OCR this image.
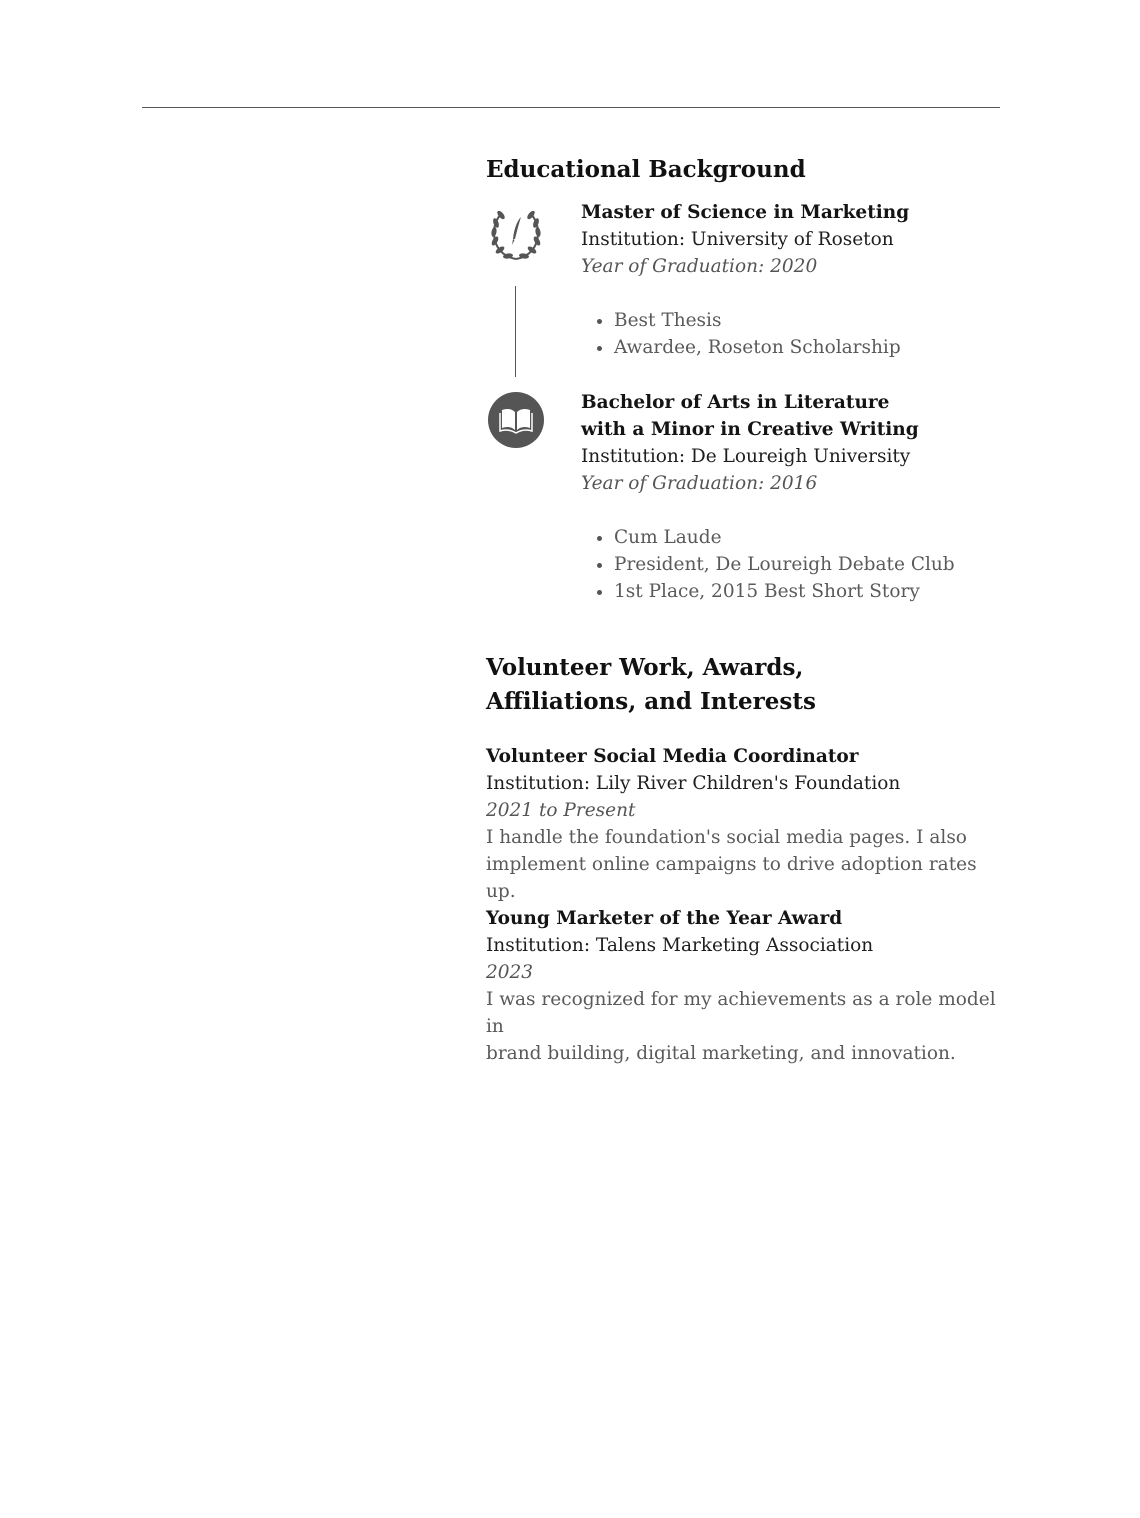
Educational Background
Master of Science in Marketing
Institution: University of Roseton
Year of Graduation: 2020
• Best Thesis
• Awardee, Roseton Scholarship
Bachelor of Arts in Literature
with a Minor in Creative Writing
Institution: De Loureigh University
Year of Graduation: 2016
• Cum Laude
• President, De Loureigh Debate Club
• 1st Place, 2015 Best Short Story
Volunteer Work, Awards,
Affiliations, and Interests
Volunteer Social Media Coordinator
Institution: Lily River Children's Foundation
2021 to Present
I handle the foundation's social media pages. I also
implement online campaigns to drive adoption rates up.
Young Marketer of the Year Award
Institution: Talens Marketing Association
2023
I was recognized for my achievements as a role model in
brand building, digital marketing, and innovation.
